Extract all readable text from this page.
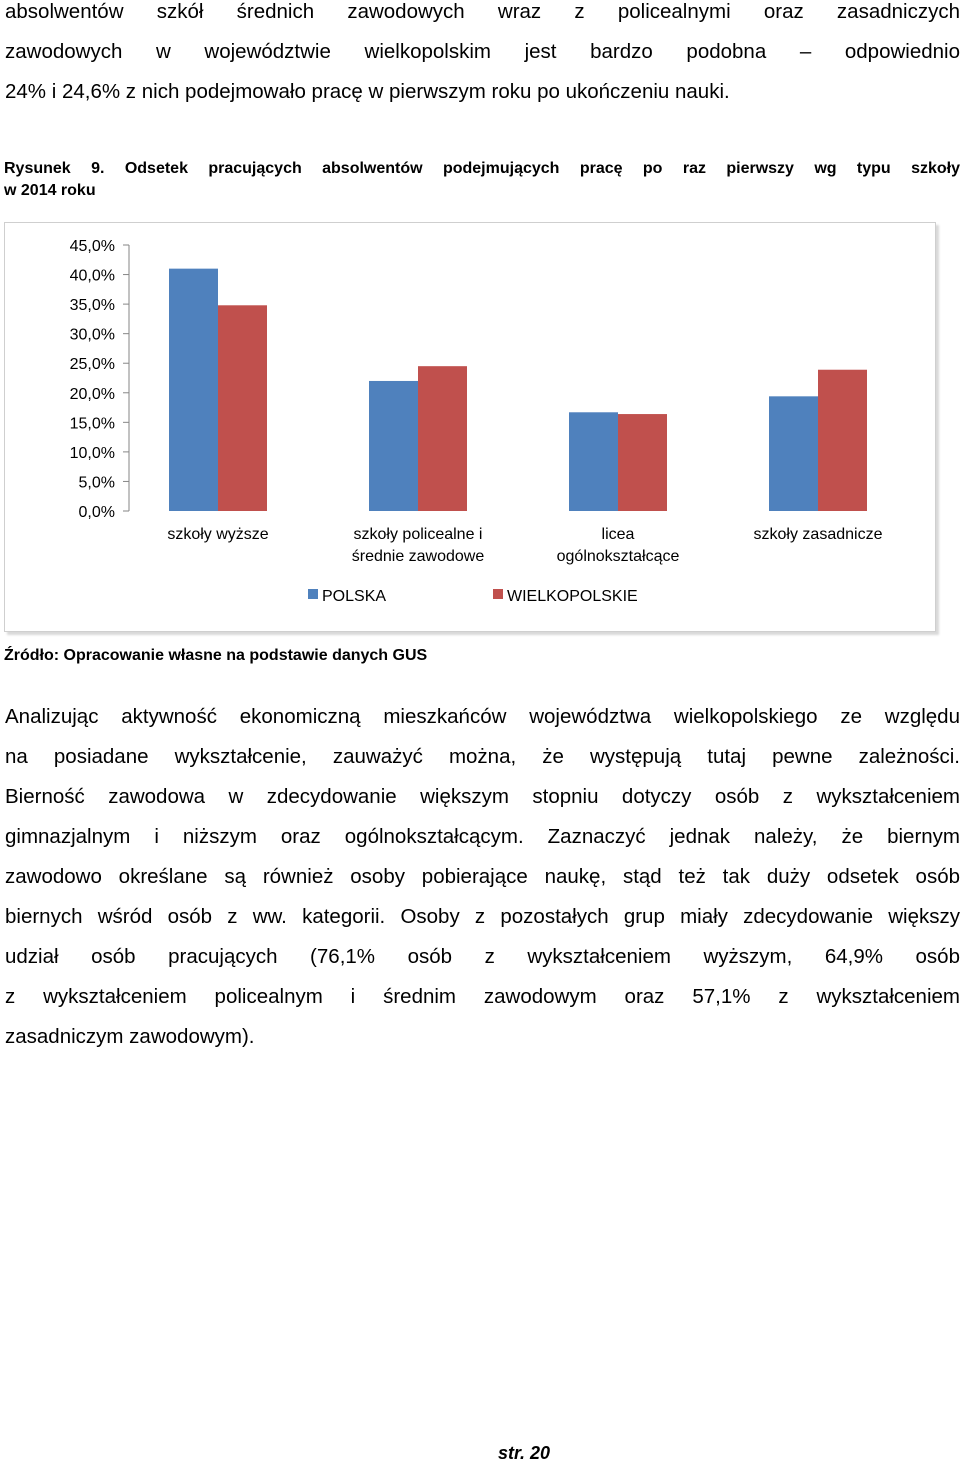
absolwentów szkół średnich zawodowych wraz z policealnymi oraz zasadniczych
zawodowych w województwie wielkopolskim jest bardzo podobna – odpowiednio
24% i 24,6% z nich podejmowało pracę w pierwszym roku po ukończeniu nauki.
Rysunek 9. Odsetek pracujących absolwentów podejmujących pracę po raz pierwszy wg typu szkoły
w 2014 roku
45,0%
40,0%
35,0%
30,0%
25,0%
20,0%
15,0%
10,0%
5,0%
0,0%
szkoły wyższe	szkoły policealne i
średnie zawodowe
licea
ogólnokształcące
szkoły zasadnicze
POLSKA	WIELKOPOLSKIE
Źródło: Opracowanie własne na podstawie danych GUS
Analizując aktywność ekonomiczną mieszkańców województwa wielkopolskiego ze względu
na posiadane wykształcenie, zauważyć można, że występują tutaj pewne zależności.
Bierność zawodowa w zdecydowanie większym stopniu dotyczy osób z wykształceniem
gimnazjalnym i niższym oraz ogólnokształcącym. Zaznaczyć jednak należy, że biernym
zawodowo określane są również osoby pobierające naukę, stąd też tak duży odsetek osób
biernych wśród osób z ww. kategorii. Osoby z pozostałych grup miały zdecydowanie większy
udział osób pracujących (76,1% osób z wykształceniem wyższym, 64,9% osób
z wykształceniem policealnym i średnim zawodowym oraz 57,1% z wykształceniem
zasadniczym zawodowym).
str. 20
